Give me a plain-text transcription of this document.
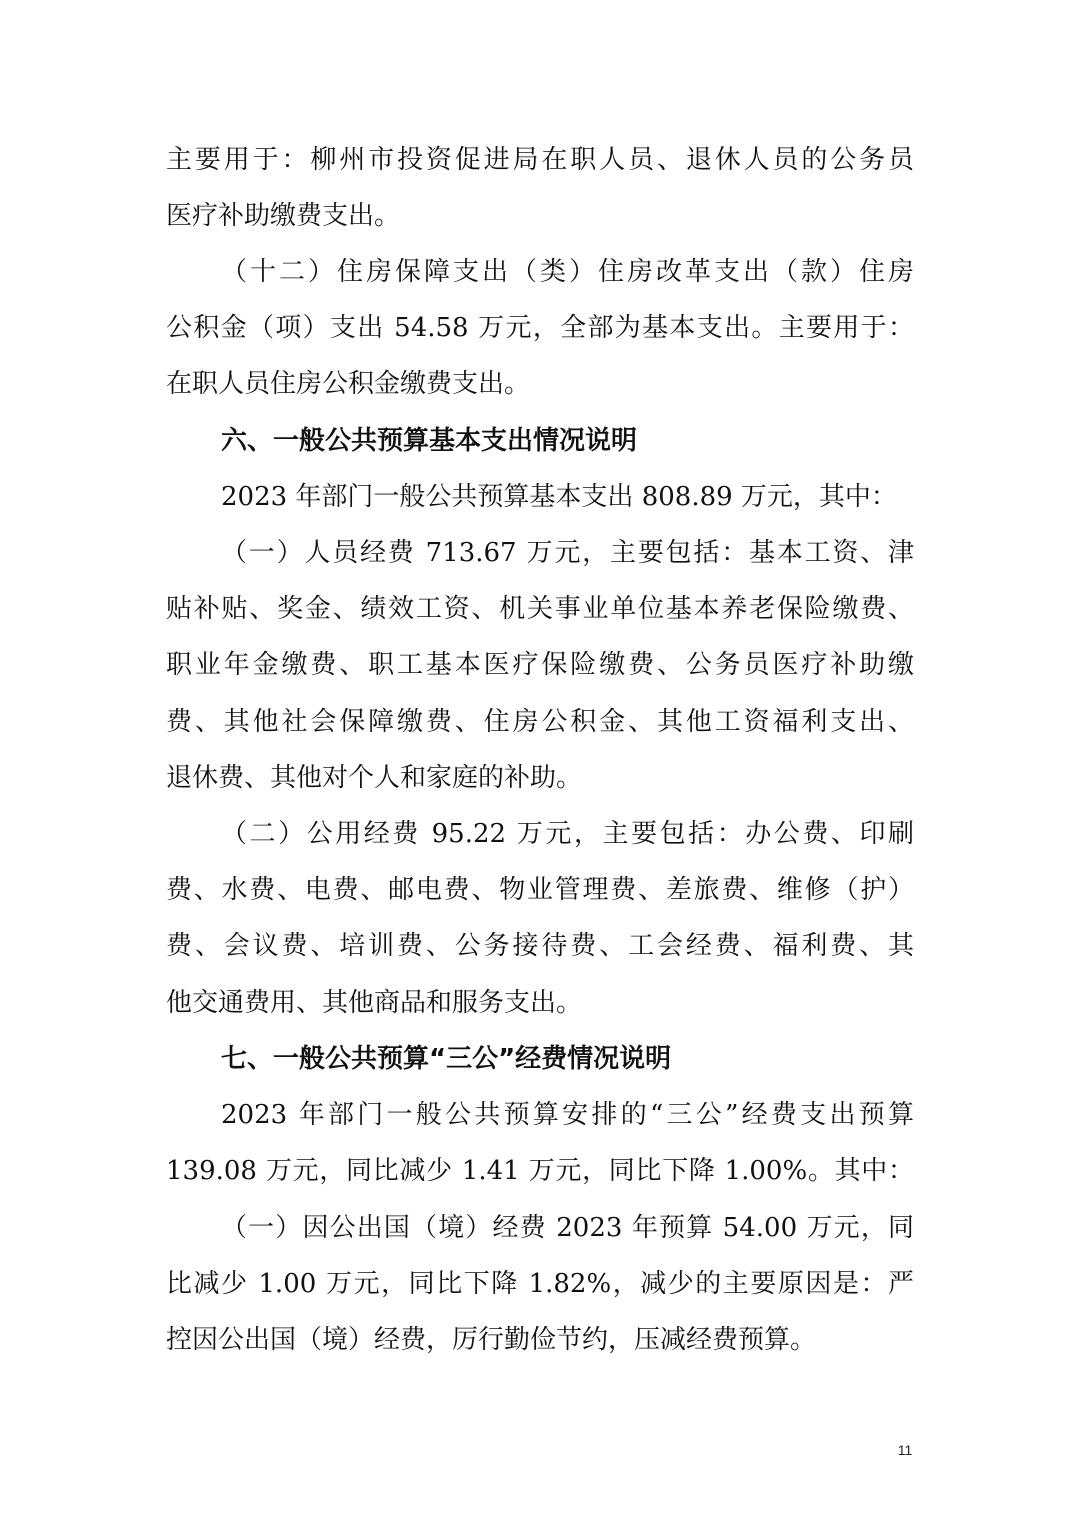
主要用于：柳州市投资促进局在职人员、退休人员的公务员
医疗补助缴费支出。
（十二）住房保障支出（类）住房改革支出（款）住房
公积金（项）支出 54.58 万元，全部为基本支出。主要用于：
在职人员住房公积金缴费支出。
六、一般公共预算基本支出情况说明
2023 年部门一般公共预算基本支出 808.89 万元，其中：
（一）人员经费 713.67 万元，主要包括：基本工资、津
贴补贴、奖金、绩效工资、机关事业单位基本养老保险缴费、
职业年金缴费、职工基本医疗保险缴费、公务员医疗补助缴
费、其他社会保障缴费、住房公积金、其他工资福利支出、
退休费、其他对个人和家庭的补助。
（二）公用经费 95.22 万元，主要包括：办公费、印刷
费、水费、电费、邮电费、物业管理费、差旅费、维修（护）
费、会议费、培训费、公务接待费、工会经费、福利费、其
他交通费用、其他商品和服务支出。
七、一般公共预算“三公”经费情况说明
2023 年部门一般公共预算安排的“三公”经费支出预算
139.08 万元，同比减少 1.41 万元，同比下降 1.00%。其中：
（一）因公出国（境）经费 2023 年预算 54.00 万元，同
比减少 1.00 万元，同比下降 1.82%，减少的主要原因是：严
控因公出国（境）经费，厉行勤俭节约，压减经费预算。
11
